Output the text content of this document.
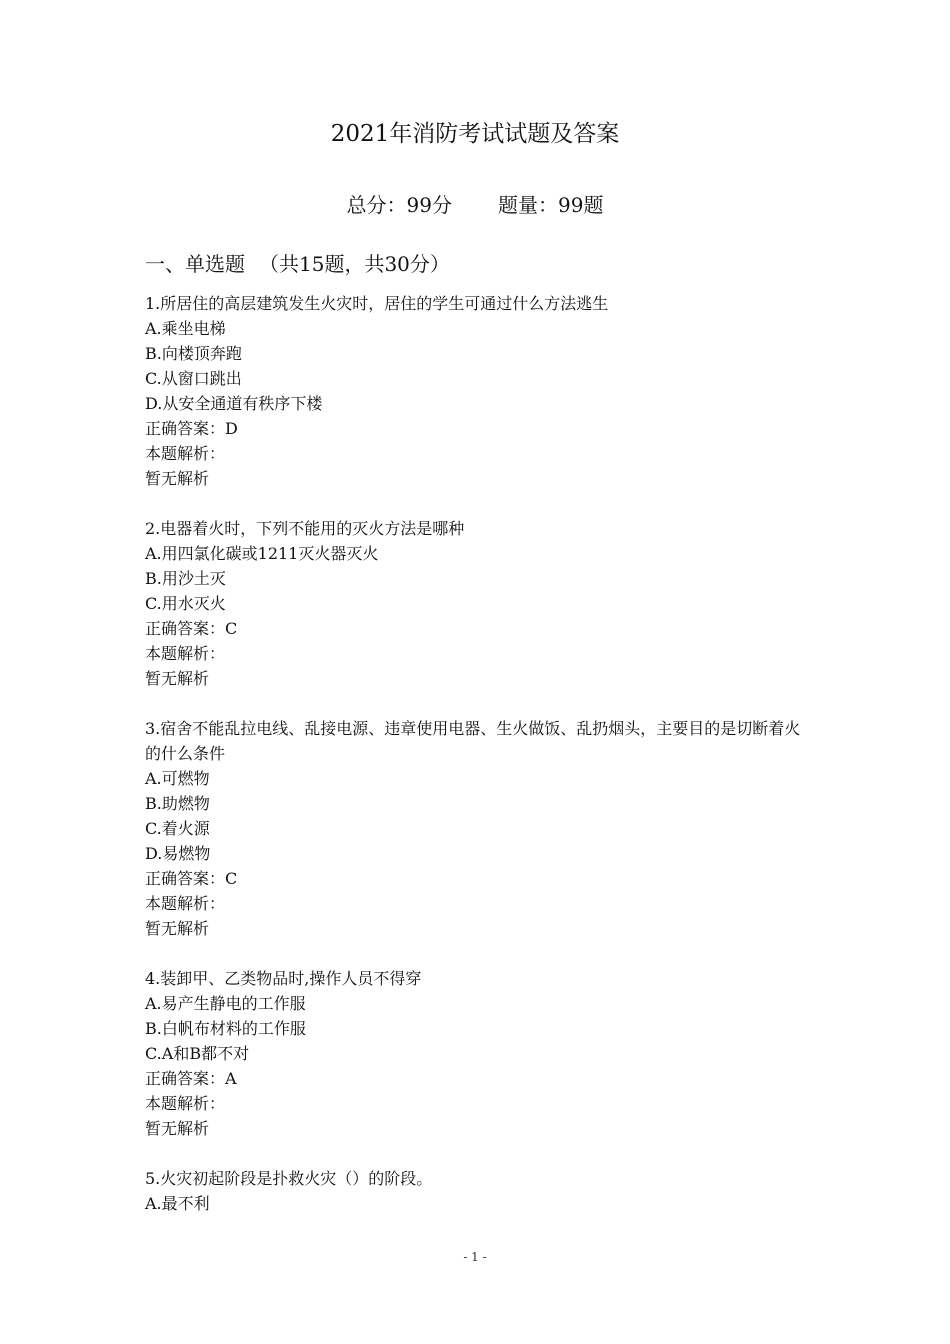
2021年消防考试试题及答案
总分：99分 题量：99题
一、单选题 （共15题，共30分）
1.所居住的高层建筑发生火灾时，居住的学生可通过什么方法逃生
A.乘坐电梯
B.向楼顶奔跑
C.从窗口跳出
D.从安全通道有秩序下楼
正确答案：D
本题解析：
暂无解析
2.电器着火时，下列不能用的灭火方法是哪种
A.用四氯化碳或1211灭火器灭火
B.用沙土灭
C.用水灭火
正确答案：C
本题解析：
暂无解析
3.宿舍不能乱拉电线、乱接电源、违章使用电器、生火做饭、乱扔烟头，主要目的是切断着火的什么条件
A.可燃物
B.助燃物
C.着火源
D.易燃物
正确答案：C
本题解析：
暂无解析
4.装卸甲、乙类物品时,操作人员不得穿
A.易产生静电的工作服
B.白帆布材料的工作服
C.A和B都不对
正确答案：A
本题解析：
暂无解析
5.火灾初起阶段是扑救火灾（）的阶段。
A.最不利
- 1 -
